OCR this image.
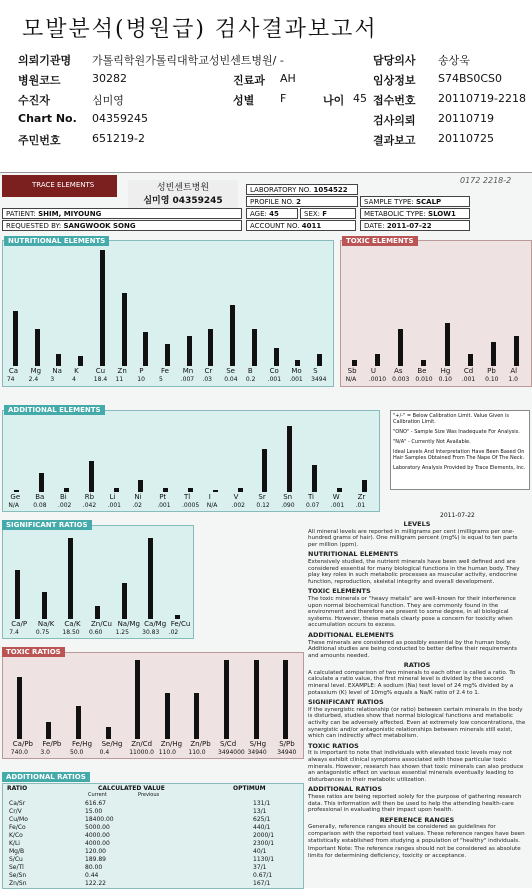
모발분석(병원급) 검사결과보고서
의뢰기관명 가톨릭학원가톨릭대학교성빈센트병원/ -	담당의사 송상욱
병원코드	30282	진료과 AH	임상정보 S74BS0CS0
수진자	심미영	성별 F	나이 45 접수번호 20110719-2218
Chart No. 04359245	검사의뢰 20110719
주민번호	651219-2	결과보고 20110725
TRACE ELEMENTS	성빈센트병원
심미영 04359245
0172 2218-2
LABORATORY NO. 1054522
PROFILE NO. 2	SAMPLE TYPE: SCALP
PATIENT: SHIM, MIYOUNG	AGE: 45	SEX: F	METABOLIC TYPE: SLOW1
REQUESTED BY: SANGWOOK SONG	ACCOUNT NO. 4011	DATE: 2011-07-22
NUTRITIONAL ELEMENTS
Ca
74
Mg
2.4
Na
3
K
4
Cu
18.4
Zn
11
P
10
Fe
5
Mn
.007
Cr
.03
Se
0.04
B
0.2
Co
.001
Mo
.001
S
3494
TOXIC ELEMENTS
Sb
N/A
U
.0010
As
0.003
Be
0.010
Hg
0.10
Cd
.001
Pb
0.10
Al
1.0
ADDITIONAL ELEMENTS
Ge
N/A
Ba
0.08
Bi
.002
Rb
.042
Li
.001
Ni
.02
Pt
.001
Tl
.0005
I
N/A
V
.002
Sr
0.12
Sn
.090
Ti
0.07
W
.001
Zr
.01
"+/-" = Below Calibration Limit. Value Given is Calibration Limit.
"ONO" - Sample Size Was Inadequate For Analysis.
"N/A" - Currently Not Available.
Ideal Levels And Interpretation Have Been Based On Hair Samples Obtained From The Nape Of The Neck.
Laboratory Analysis Provided by Trace Elements, Inc.
2011-07-22
SIGNIFICANT RATIOS
Ca/P
7.4
Na/K
0.75
Ca/K
18.50
Zn/Cu
0.60
Na/Mg
1.25
Ca/Mg
30.83
Fe/Cu
.02
TOXIC RATIOS
Ca/Pb
740.0
Fe/Pb
3.0
Fe/Hg
50.0
Se/Hg
0.4
Zn/Cd
11000.0
Zn/Hg
110.0
Zn/Pb
110.0
S/Cd
3494000
S/Hg
34940
S/Pb
34940
ADDITIONAL RATIOS
RATIO	CALCULATED VALUE
Current	Previous
OPTIMUM
Ca/Sr	616.67	131/1
Cr/V	15.00	13/1
Cu/Mo	18400.00	625/1
Fe/Co	5000.00	440/1
K/Co	4000.00	2000/1
K/Li	4000.00	2300/1
Mg/B	120.00	40/1
S/Cu	189.89	1130/1
Se/Tl	80.00	37/1
Se/Sn	0.44	0.67/1
Zn/Sn	122.22	167/1
LEVELS

All mineral levels are reported in milligrams per cent (milligrams per one-hundred grams of hair). One milligram percent (mg%) is equal to ten parts per million (ppm).

NUTRITIONAL ELEMENTS

Extensively studied, the nutrient minerals have been well defined and are considered essential for many biological functions in the human body. They play key roles in such metabolic processes as muscular activity, endocrine function, reproduction, skeletal integrity and overall development.

TOXIC ELEMENTS

The toxic minerals or "heavy metals" are well-known for their interference upon normal biochemical function. They are commonly found in the environment and therefore are present to some degree, in all biological systems. However, these metals clearly pose a concern for toxicity when accumulation occurs to excess.

ADDITIONAL ELEMENTS

These minerals are considered as possibly essential by the human body. Additional studies are being conducted to better define their requirements and amounts needed.

RATIOS

A calculated comparison of two minerals to each other is called a ratio. To calculate a ratio value, the first mineral level is divided by the second mineral level. EXAMPLE: A sodium (Na) test level of 24 mg% divided by a potassium (K) level of 10mg% equals a Na/K ratio of 2.4 to 1.

SIGNIFICANT RATIOS

If the synergistic relationship (or ratio) between certain minerals in the body is disturbed, studies show that normal biological functions and metabolic activity can be adversely affected. Even at extremely low concentrations, the synergistic and/or antagonistic relationships between minerals still exist, which can indirectly affect metabolism.

TOXIC RATIOS

It is important to note that individuals with elevated toxic levels may not always exhibit clinical symptoms associated with those particular toxic minerals. However, research has shown that toxic minerals can also produce an antagonistic effect on various essential minerals eventually leading to disturbances in their metabolic utilization.

ADDITIONAL RATIOS

These ratios are being reported solely for the purpose of gathering research data. This information will then be used to help the attending health-care professional in evaluating their impact upon health.

REFERENCE RANGES

Generally, reference ranges should be considered as guidelines for comparison with the reported test values. These reference ranges have been statistically established from studying a population of "healthy" individuals.

Important Note: The reference ranges should not be considered as absolute limits for determining deficiency, toxicity or acceptance.
